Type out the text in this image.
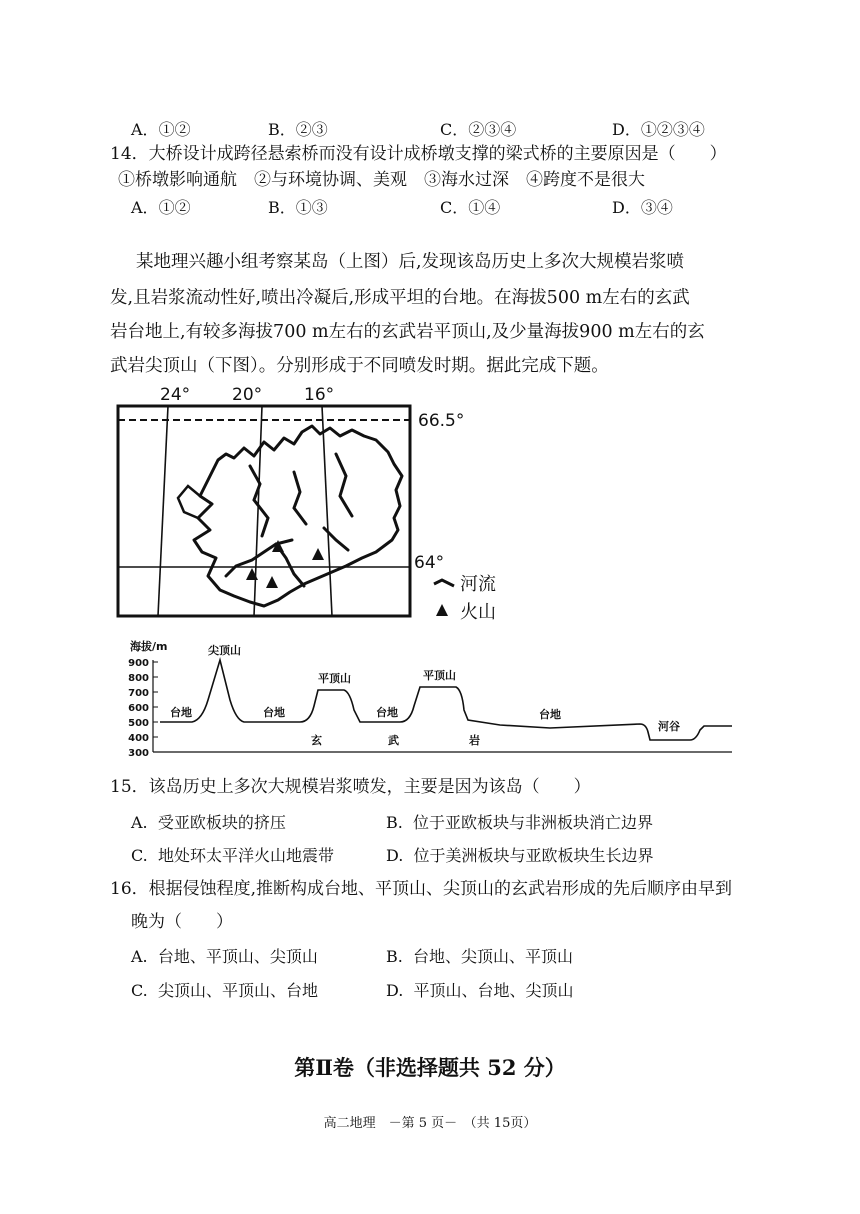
A．①②	B．②③	C．②③④	D．①②③④
14．大桥设计成跨径悬索桥而没有设计成桥墩支撑的梁式桥的主要原因是（　　）
①桥墩影响通航　②与环境协调、美观　③海水过深　④跨度不是很大
A．①②	B．①③	C．①④	D．③④
某地理兴趣小组考察某岛（上图）后,发现该岛历史上多次大规模岩浆喷
发,且岩浆流动性好,喷出冷凝后,形成平坦的台地。在海拔500 m左右的玄武
岩台地上,有较多海拔700 m左右的玄武岩平顶山,及少量海拔900 m左右的玄
武岩尖顶山（下图）。分别形成于不同喷发时期。据此完成下题。
24° 20° 16°
66.5°
64°
河流
火山
海拔/m
900
800
700
600
500
400
300
尖顶山
平顶山	平顶山
台地	台地	台地	台地
河谷
玄	武	岩
15．该岛历史上多次大规模岩浆喷发，主要是因为该岛（　　）
A. 受亚欧板块的挤压	B. 位于亚欧板块与非洲板块消亡边界
C. 地处环太平洋火山地震带	D. 位于美洲板块与亚欧板块生长边界
16．根据侵蚀程度,推断构成台地、平顶山、尖顶山的玄武岩形成的先后顺序由早到
晚为（　　）
A. 台地、平顶山、尖顶山	B. 台地、尖顶山、平顶山
C. 尖顶山、平顶山、台地	D. 平顶山、台地、尖顶山
第Ⅱ卷（非选择题共 52 分）
高二地理　－第 5 页－　（共 15页）
